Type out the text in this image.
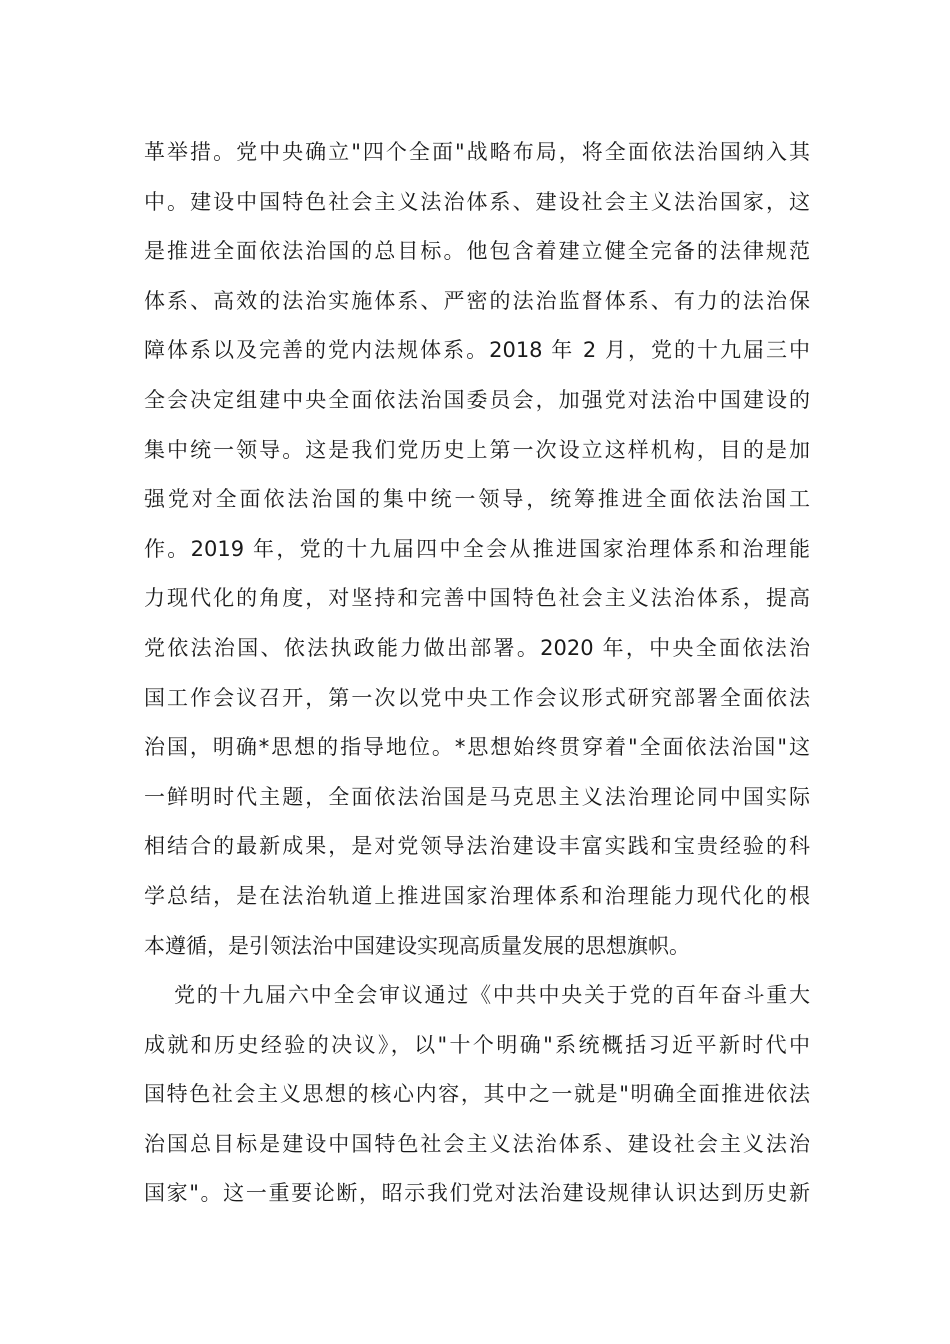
革举措。党中央确立"四个全面"战略布局，将全面依法治国纳入其
中。建设中国特色社会主义法治体系、建设社会主义法治国家，这
是推进全面依法治国的总目标。他包含着建立健全完备的法律规范
体系、高效的法治实施体系、严密的法治监督体系、有力的法治保
障体系以及完善的党内法规体系。2018 年 2 月，党的十九届三中
全会决定组建中央全面依法治国委员会，加强党对法治中国建设的
集中统一领导。这是我们党历史上第一次设立这样机构，目的是加
强党对全面依法治国的集中统一领导，统筹推进全面依法治国工
作。2019 年，党的十九届四中全会从推进国家治理体系和治理能
力现代化的角度，对坚持和完善中国特色社会主义法治体系，提高
党依法治国、依法执政能力做出部署。2020 年，中央全面依法治
国工作会议召开，第一次以党中央工作会议形式研究部署全面依法
治国，明确*思想的指导地位。*思想始终贯穿着"全面依法治国"这
一鲜明时代主题，全面依法治国是马克思主义法治理论同中国实际
相结合的最新成果，是对党领导法治建设丰富实践和宝贵经验的科
学总结，是在法治轨道上推进国家治理体系和治理能力现代化的根
本遵循，是引领法治中国建设实现高质量发展的思想旗帜。
党的十九届六中全会审议通过《中共中央关于党的百年奋斗重大
成就和历史经验的决议》，以"十个明确"系统概括习近平新时代中
国特色社会主义思想的核心内容，其中之一就是"明确全面推进依法
治国总目标是建设中国特色社会主义法治体系、建设社会主义法治
国家"。这一重要论断，昭示我们党对法治建设规律认识达到历史新
